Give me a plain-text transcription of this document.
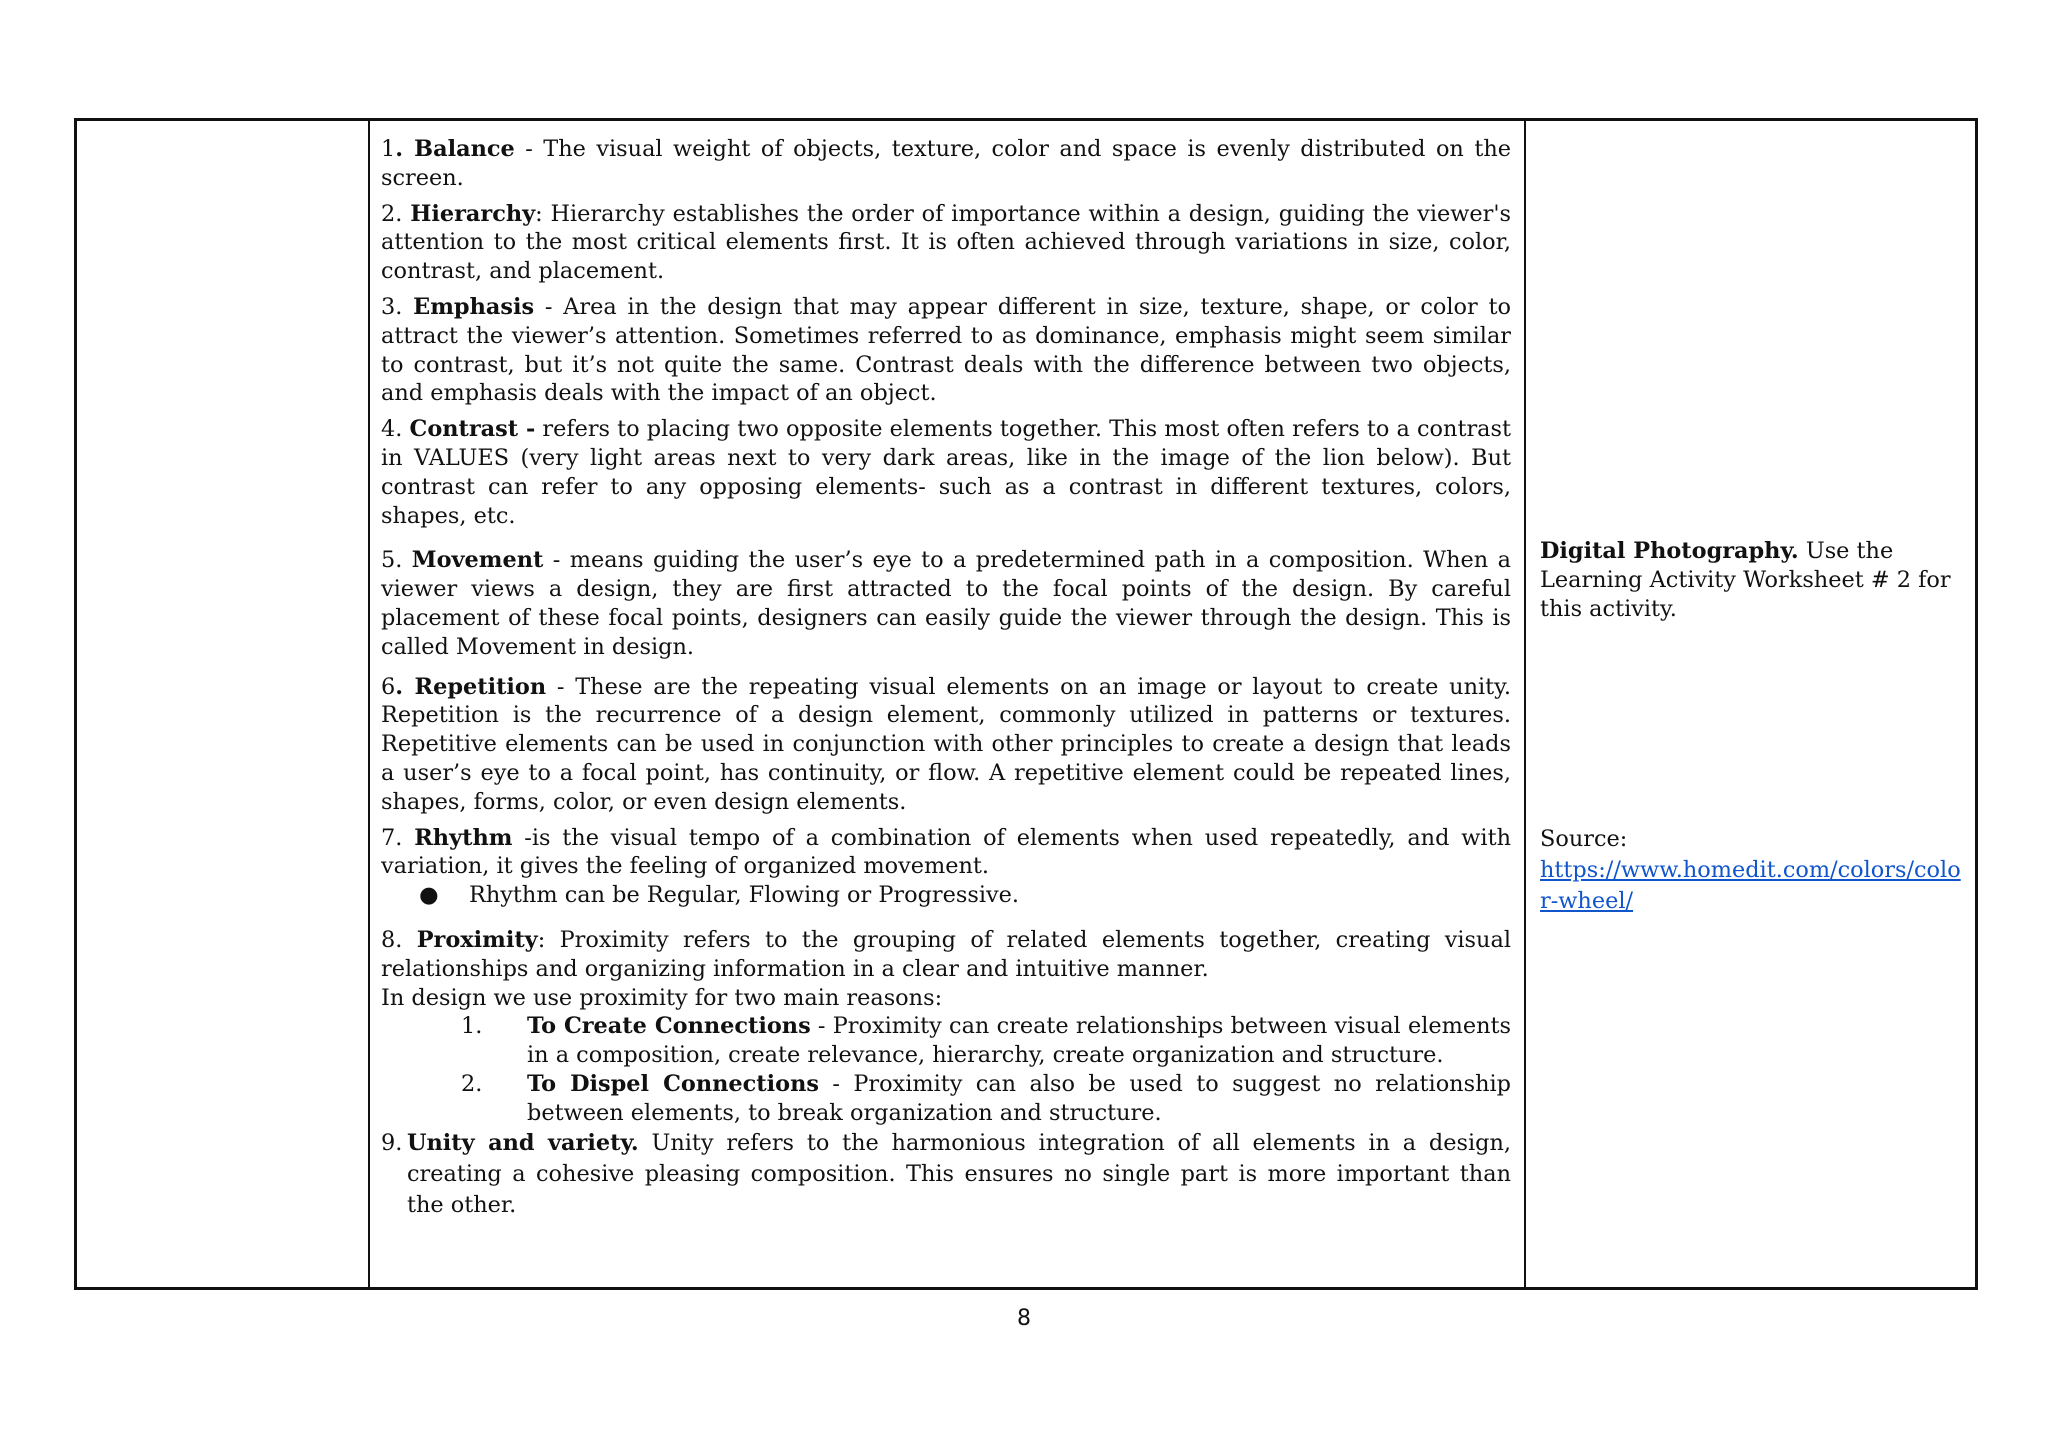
1. Balance - The visual weight of objects, texture, color and space is evenly distributed on the screen.

2. Hierarchy: Hierarchy establishes the order of importance within a design, guiding the viewer's attention to the most critical elements first. It is often achieved through variations in size, color, contrast, and placement.

3. Emphasis - Area in the design that may appear different in size, texture, shape, or color to attract the viewer’s attention. Sometimes referred to as dominance, emphasis might seem similar to contrast, but it’s not quite the same. Contrast deals with the difference between two objects, and emphasis deals with the impact of an object.

4. Contrast - refers to placing two opposite elements together. This most often refers to a contrast in VALUES (very light areas next to very dark areas, like in the image of the lion below). But contrast can refer to any opposing elements- such as a contrast in different textures, colors, shapes, etc.

5. Movement - means guiding the user’s eye to a predetermined path in a composition. When a viewer views a design, they are first attracted to the focal points of the design. By careful placement of these focal points, designers can easily guide the viewer through the design. This is called Movement in design.

6. Repetition - These are the repeating visual elements on an image or layout to create unity. Repetition is the recurrence of a design element, commonly utilized in patterns or textures. Repetitive elements can be used in conjunction with other principles to create a design that leads a user’s eye to a focal point, has continuity, or flow. A repetitive element could be repeated lines, shapes, forms, color, or even design elements.

7. Rhythm -is the visual tempo of a combination of elements when used repeatedly, and with variation, it gives the feeling of organized movement.

●	Rhythm can be Regular, Flowing or Progressive.

8. Proximity: Proximity refers to the grouping of related elements together, creating visual relationships and organizing information in a clear and intuitive manner.

In design we use proximity for two main reasons:

1.	To Create Connections - Proximity can create relationships between visual elements in a composition, create relevance, hierarchy, create organization and structure.
2.	To Dispel Connections - Proximity can also be used to suggest no relationship between elements, to break organization and structure.
9. Unity and variety. Unity refers to the harmonious integration of all elements in a design, creating a cohesive pleasing composition. This ensures no single part is more important than the other.
Digital Photography. Use the Learning Activity Worksheet # 2 for this activity.
Source:
https://www.homedit.com/colors/color-wheel/
8
